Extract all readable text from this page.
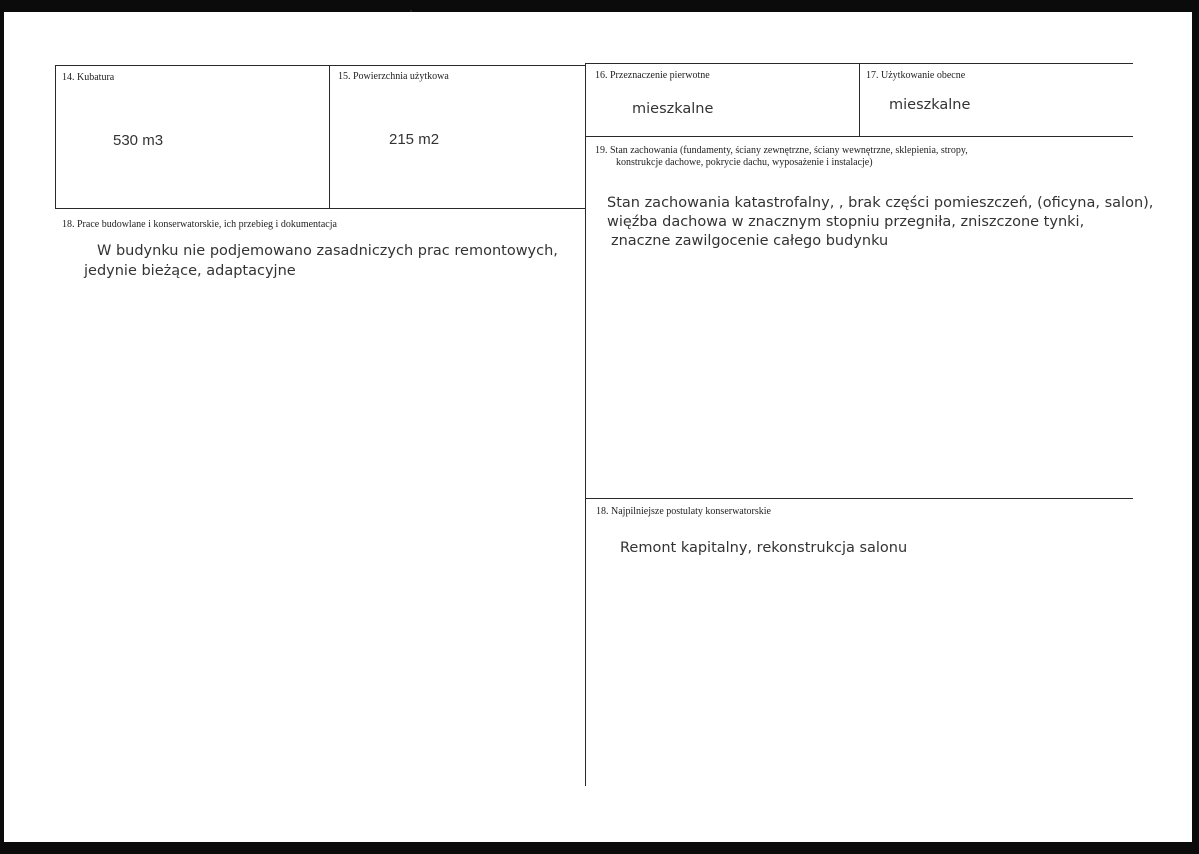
14. Kubatura
530 m3
15. Powierzchnia użytkowa
215 m2
16. Przeznaczenie pierwotne
mieszkalne
17. Użytkowanie obecne
mieszkalne
19. Stan zachowania (fundamenty, ściany zewnętrzne, ściany wewnętrzne, sklepienia, stropy,
konstrukcje dachowe, pokrycie dachu, wyposażenie i instalacje)
Stan zachowania katastrofalny, , brak części pomieszczeń, (oficyna, salon),
więźba dachowa w znacznym stopniu przegniła, zniszczone tynki,
znaczne zawilgocenie całego budynku
18. Prace budowlane i konserwatorskie, ich przebieg i dokumentacja
W budynku nie podjemowano zasadniczych prac remontowych,
jedynie bieżące, adaptacyjne
18. Najpilniejsze postulaty konserwatorskie
Remont kapitalny, rekonstrukcja salonu
